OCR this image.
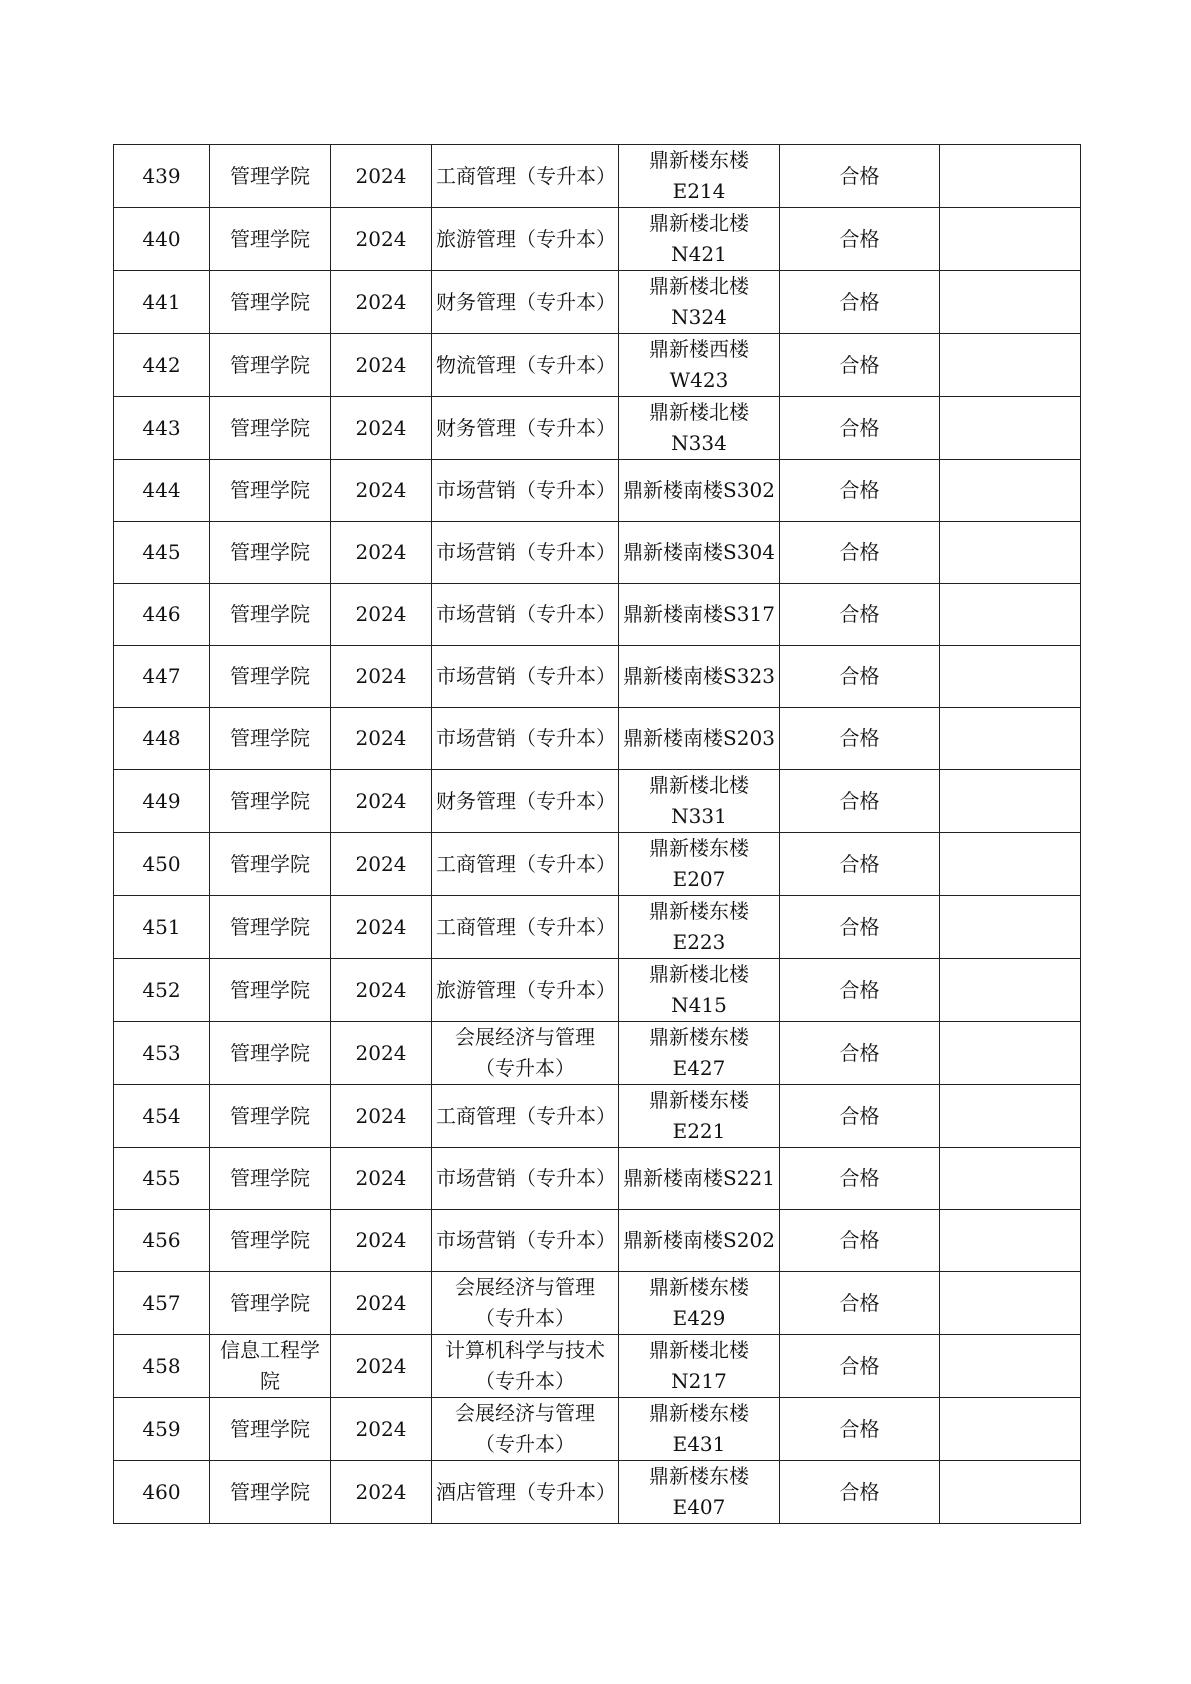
439	管理学院	2024	工商管理（专升本）	鼎新楼东楼E214	合格	
440	管理学院	2024	旅游管理（专升本）	鼎新楼北楼N421	合格	
441	管理学院	2024	财务管理（专升本）	鼎新楼北楼N324	合格	
442	管理学院	2024	物流管理（专升本）	鼎新楼西楼W423	合格	
443	管理学院	2024	财务管理（专升本）	鼎新楼北楼N334	合格	
444	管理学院	2024	市场营销（专升本）	鼎新楼南楼S302	合格	
445	管理学院	2024	市场营销（专升本）	鼎新楼南楼S304	合格	
446	管理学院	2024	市场营销（专升本）	鼎新楼南楼S317	合格	
447	管理学院	2024	市场营销（专升本）	鼎新楼南楼S323	合格	
448	管理学院	2024	市场营销（专升本）	鼎新楼南楼S203	合格	
449	管理学院	2024	财务管理（专升本）	鼎新楼北楼N331	合格	
450	管理学院	2024	工商管理（专升本）	鼎新楼东楼E207	合格	
451	管理学院	2024	工商管理（专升本）	鼎新楼东楼E223	合格	
452	管理学院	2024	旅游管理（专升本）	鼎新楼北楼N415	合格	
453	管理学院	2024	会展经济与管理（专升本）	鼎新楼东楼E427	合格	
454	管理学院	2024	工商管理（专升本）	鼎新楼东楼E221	合格	
455	管理学院	2024	市场营销（专升本）	鼎新楼南楼S221	合格	
456	管理学院	2024	市场营销（专升本）	鼎新楼南楼S202	合格	
457	管理学院	2024	会展经济与管理（专升本）	鼎新楼东楼E429	合格	
458	信息工程学院	2024	计算机科学与技术（专升本）	鼎新楼北楼N217	合格	
459	管理学院	2024	会展经济与管理（专升本）	鼎新楼东楼E431	合格	
460	管理学院	2024	酒店管理（专升本）	鼎新楼东楼E407	合格	
